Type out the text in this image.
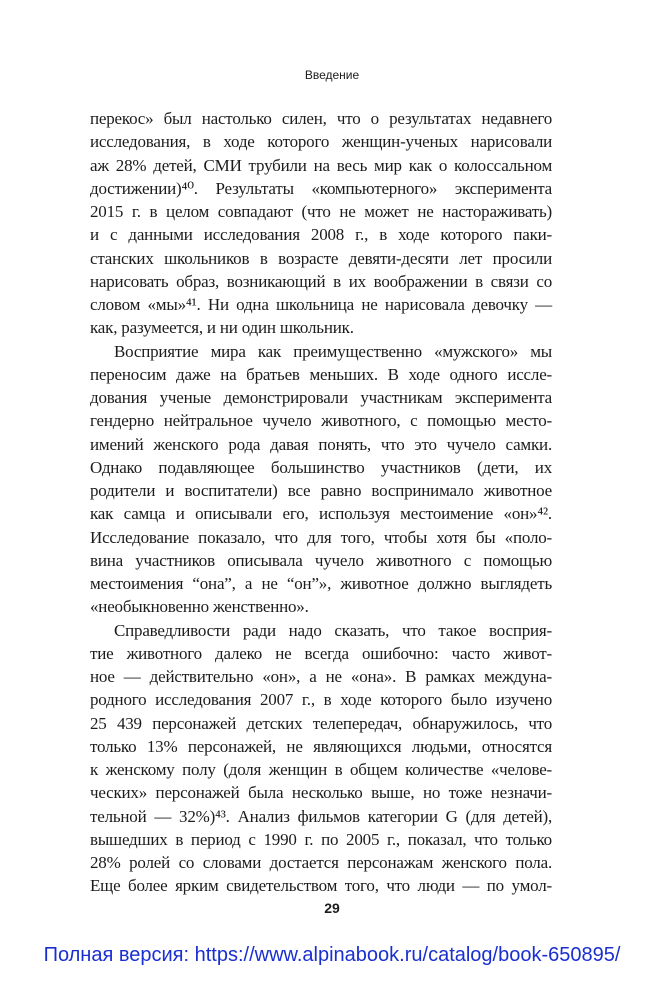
Введение
перекос» был настолько силен, что о результатах недавнего
исследования, в ходе которого женщин-ученых нарисовали
аж 28% детей, СМИ трубили на весь мир как о колоссальном
достижении)⁴⁰. Результаты «компьютерного» эксперимента
2015 г. в целом совпадают (что не может не настораживать)
и с данными исследования 2008 г., в ходе которого паки-
станских школьников в возрасте девяти-десяти лет просили
нарисовать образ, возникающий в их воображении в связи со
словом «мы»⁴¹. Ни одна школьница не нарисовала девочку —
как, разумеется, и ни один школьник.
Восприятие мира как преимущественно «мужского» мы
переносим даже на братьев меньших. В ходе одного иссле-
дования ученые демонстрировали участникам эксперимента
гендерно нейтральное чучело животного, с помощью место-
имений женского рода давая понять, что это чучело самки.
Однако подавляющее большинство участников (дети, их
родители и воспитатели) все равно воспринимало животное
как самца и описывали его, используя местоимение «он»⁴².
Исследование показало, что для того, чтобы хотя бы «поло-
вина участников описывала чучело животного с помощью
местоимения “она”, а не “он”», животное должно выглядеть
«необыкновенно женственно».
Справедливости ради надо сказать, что такое восприя-
тие животного далеко не всегда ошибочно: часто живот-
ное — действительно «он», а не «она». В рамках междуна-
родного исследования 2007 г., в ходе которого было изучено
25 439 персонажей детских телепередач, обнаружилось, что
только 13% персонажей, не являющихся людьми, относятся
к женскому полу (доля женщин в общем количестве «челове-
ческих» персонажей была несколько выше, но тоже незначи-
тельной — 32%)⁴³. Анализ фильмов категории G (для детей),
вышедших в период с 1990 г. по 2005 г., показал, что только
28% ролей со словами достается персонажам женского пола.
Еще более ярким свидетельством того, что люди — по умол-
29
Полная версия: https://www.alpinabook.ru/catalog/book-650895/
